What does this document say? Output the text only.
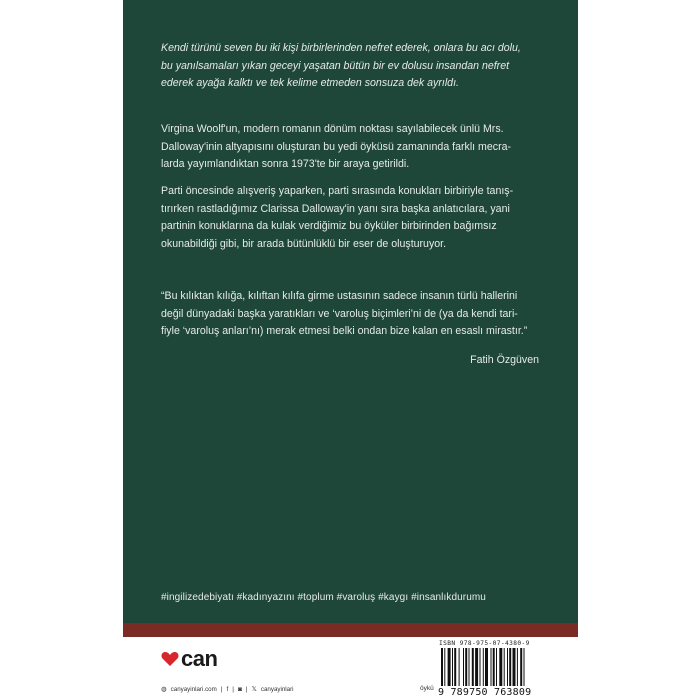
Kendi türünü seven bu iki kişi birbirlerinden nefret ederek, onlara bu acı dolu,
bu yanılsamaları yıkan geceyi yaşatan bütün bir ev dolusu insandan nefret
ederek ayağa kalktı ve tek kelime etmeden sonsuza dek ayrıldı.

Virgina Woolf'un, modern romanın dönüm noktası sayılabilecek ünlü Mrs.
Dalloway'inin altyapısını oluşturan bu yedi öyküsü zamanında farklı mecra-
larda yayımlandıktan sonra 1973'te bir araya getirildi.

Parti öncesinde alışveriş yaparken, parti sırasında konukları birbiriyle tanış-
tırırken rastladığımız Clarissa Dalloway'in yanı sıra başka anlatıcılara, yani
partinin konuklarına da kulak verdiğimiz bu öyküler birbirinden bağımsız
okunabildiği gibi, bir arada bütünlüklü bir eser de oluşturuyor.

“Bu kılıktan kılığa, kılıftan kılıfa girme ustasının sadece insanın türlü hallerini
değil dünyadaki başka yaratıkları ve ‘varoluş biçimleri’ni de (ya da kendi tari-
fiyle ‘varoluş anları’nı) merak etmesi belki ondan bize kalan en esaslı mirastır.”

Fatih Özgüven

#ingilizedebiyatı #kadınyazını #toplum #varoluş #kaygı #insanlıkdurumu

can
◍ canyayinlari.com | f | ◙ | 𝕏 canyayinlari	öykü
ISBN 978-975-07-4380-9
9 789750 763809
